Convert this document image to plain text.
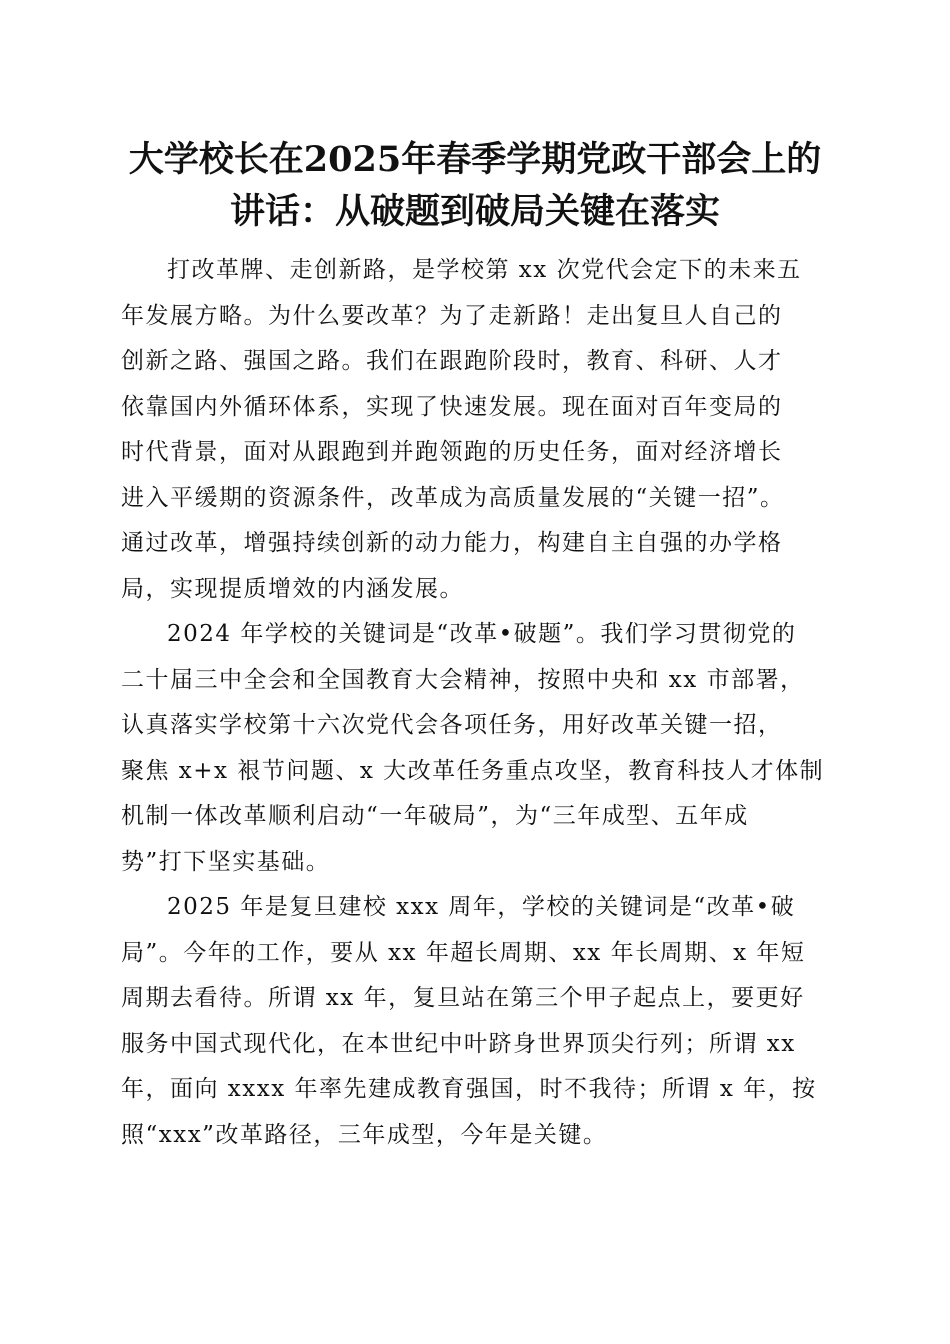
大学校长在2025年春季学期党政干部会上的
讲话：从破题到破局关键在落实

打改革牌、走创新路，是学校第 xx 次党代会定下的未来五
年发展方略。为什么要改革？为了走新路！走出复旦人自己的
创新之路、强国之路。我们在跟跑阶段时，教育、科研、人才
依靠国内外循环体系，实现了快速发展。现在面对百年变局的
时代背景，面对从跟跑到并跑领跑的历史任务，面对经济增长
进入平缓期的资源条件，改革成为高质量发展的“关键一招”。
通过改革，增强持续创新的动力能力，构建自主自强的办学格
局，实现提质增效的内涵发展。

2024 年学校的关键词是“改革•破题”。我们学习贯彻党的
二十届三中全会和全国教育大会精神，按照中央和 xx 市部署，
认真落实学校第十六次党代会各项任务，用好改革关键一招，
聚焦 x+x 裉节问题、x 大改革任务重点攻坚，教育科技人才体制
机制一体改革顺利启动“一年破局”，为“三年成型、五年成
势”打下坚实基础。

2025 年是复旦建校 xxx 周年，学校的关键词是“改革•破
局”。今年的工作，要从 xx 年超长周期、xx 年长周期、x 年短
周期去看待。所谓 xx 年，复旦站在第三个甲子起点上，要更好
服务中国式现代化，在本世纪中叶跻身世界顶尖行列；所谓 xx
年，面向 xxxx 年率先建成教育强国，时不我待；所谓 x 年，按
照“xxx”改革路径，三年成型，今年是关键。
